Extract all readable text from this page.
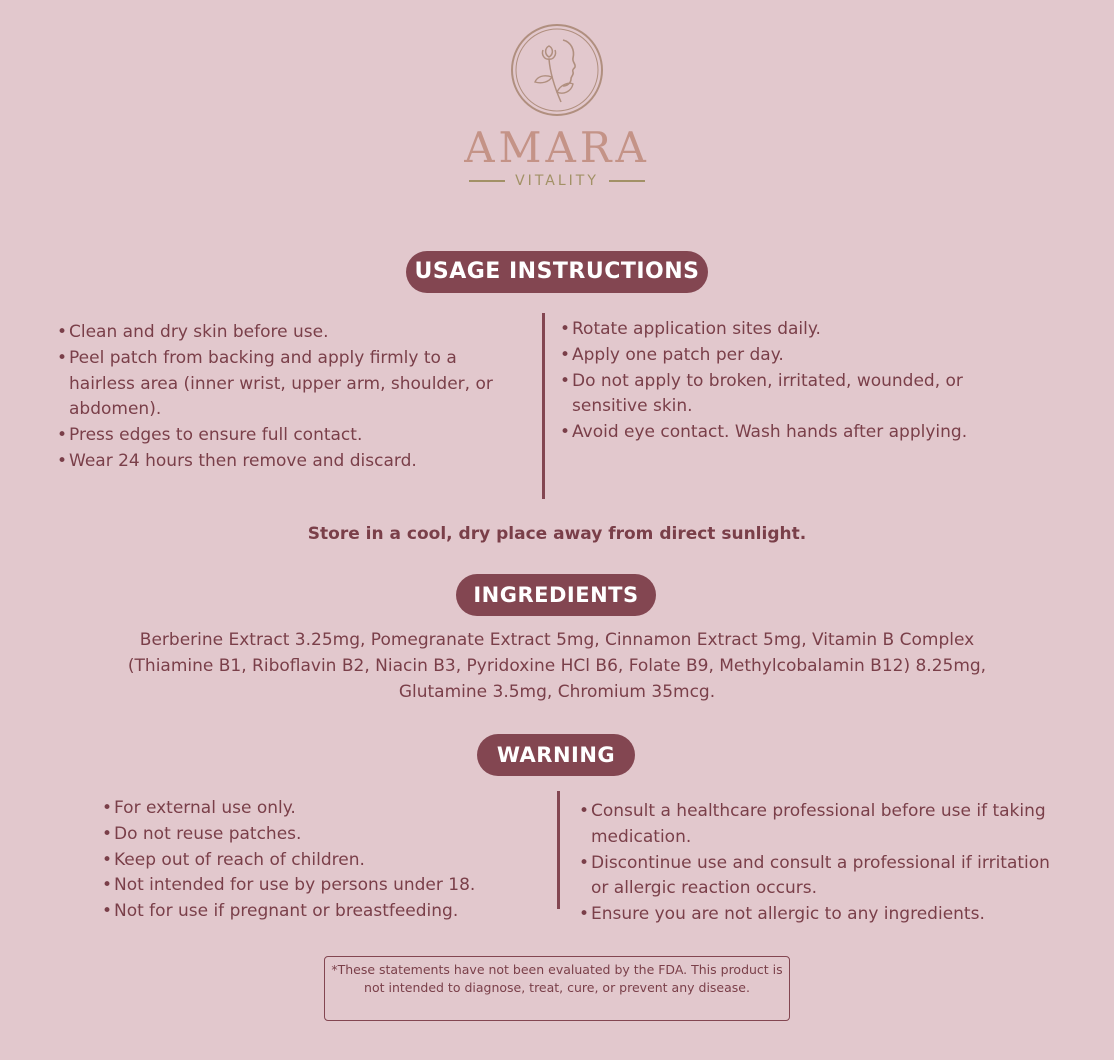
AMARA
VITALITY
USAGE INSTRUCTIONS
• Clean and dry skin before use.
• Peel patch from backing and apply firmly to a hairless area (inner wrist, upper arm, shoulder, or abdomen).
• Press edges to ensure full contact.
• Wear 24 hours then remove and discard.
• Rotate application sites daily.
• Apply one patch per day.
• Do not apply to broken, irritated, wounded, or sensitive skin.
• Avoid eye contact. Wash hands after applying.
Store in a cool, dry place away from direct sunlight.
INGREDIENTS
Berberine Extract 3.25mg, Pomegranate Extract 5mg, Cinnamon Extract 5mg, Vitamin B Complex (Thiamine B1, Riboflavin B2, Niacin B3, Pyridoxine HCl B6, Folate B9, Methylcobalamin B12) 8.25mg, Glutamine 3.5mg, Chromium 35mcg.
WARNING
• For external use only.
• Do not reuse patches.
• Keep out of reach of children.
• Not intended for use by persons under 18.
• Not for use if pregnant or breastfeeding.
• Consult a healthcare professional before use if taking medication.
• Discontinue use and consult a professional if irritation or allergic reaction occurs.
• Ensure you are not allergic to any ingredients.
*These statements have not been evaluated by the FDA. This product is not intended to diagnose, treat, cure, or prevent any disease.
